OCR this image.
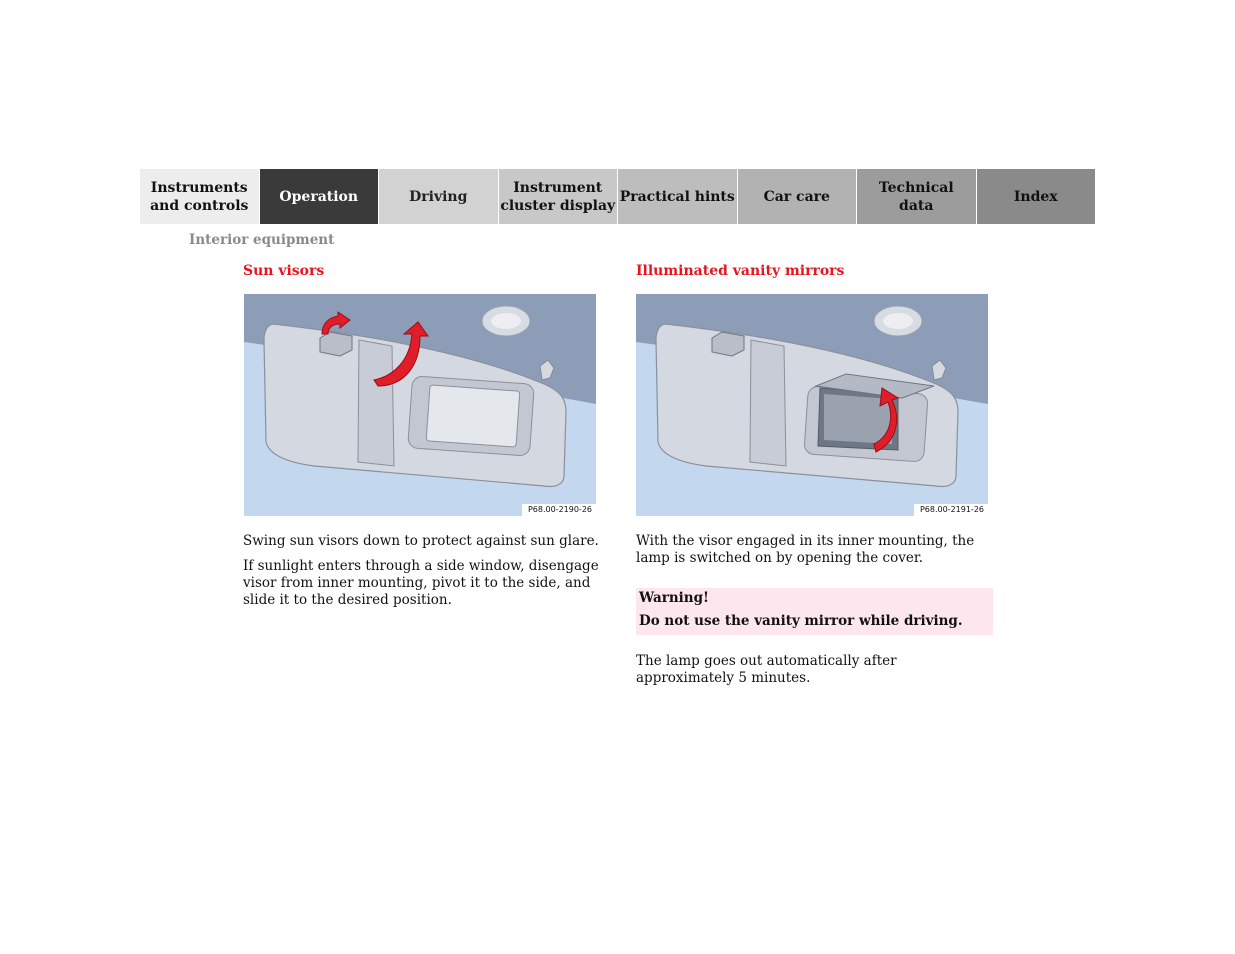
Instruments
and controls
Operation	Driving
Instrument
cluster display
Practical hints	Car care
Technical
data
Index
Interior equipment
Sun visors
P68.00-2190-26

Swing sun visors down to protect against sun glare.

If sunlight enters through a side window, disengage visor from inner mounting, pivot it to the side, and slide it to the desired position.

Illuminated vanity mirrors
P68.00-2191-26

With the visor engaged in its inner mounting, the lamp is switched on by opening the cover.

Warning!
Do not use the vanity mirror while driving.

The lamp goes out automatically after approximately 5 minutes.
